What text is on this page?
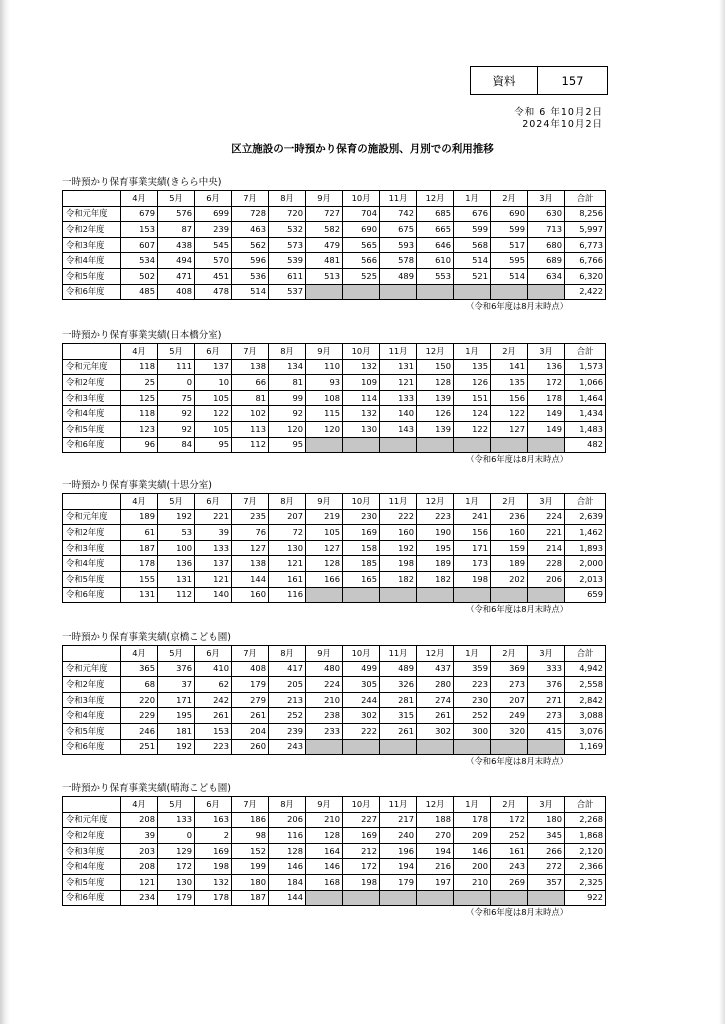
資料	157
令和 6 年10月2日
2024年10月2日
区立施設の一時預かり保育の施設別、月別での利用推移
一時預かり保育事業実績(きらら中央)
	4月	5月	6月	7月	8月	9月	10月	11月	12月	1月	2月	3月	合計
令和元年度	679	576	699	728	720	727	704	742	685	676	690	630	8,256
令和2年度	153	87	239	463	532	582	690	675	665	599	599	713	5,997
令和3年度	607	438	545	562	573	479	565	593	646	568	517	680	6,773
令和4年度	534	494	570	596	539	481	566	578	610	514	595	689	6,766
令和5年度	502	471	451	536	611	513	525	489	553	521	514	634	6,320
令和6年度	485	408	478	514	537								2,422
（令和6年度は8月末時点）
一時預かり保育事業実績(日本橋分室)
	4月	5月	6月	7月	8月	9月	10月	11月	12月	1月	2月	3月	合計
令和元年度	118	111	137	138	134	110	132	131	150	135	141	136	1,573
令和2年度	25	0	10	66	81	93	109	121	128	126	135	172	1,066
令和3年度	125	75	105	81	99	108	114	133	139	151	156	178	1,464
令和4年度	118	92	122	102	92	115	132	140	126	124	122	149	1,434
令和5年度	123	92	105	113	120	120	130	143	139	122	127	149	1,483
令和6年度	96	84	95	112	95								482
（令和6年度は8月末時点）
一時預かり保育事業実績(十思分室)
	4月	5月	6月	7月	8月	9月	10月	11月	12月	1月	2月	3月	合計
令和元年度	189	192	221	235	207	219	230	222	223	241	236	224	2,639
令和2年度	61	53	39	76	72	105	169	160	190	156	160	221	1,462
令和3年度	187	100	133	127	130	127	158	192	195	171	159	214	1,893
令和4年度	178	136	137	138	121	128	185	198	189	173	189	228	2,000
令和5年度	155	131	121	144	161	166	165	182	182	198	202	206	2,013
令和6年度	131	112	140	160	116								659
（令和6年度は8月末時点）
一時預かり保育事業実績(京橋こども園)
	4月	5月	6月	7月	8月	9月	10月	11月	12月	1月	2月	3月	合計
令和元年度	365	376	410	408	417	480	499	489	437	359	369	333	4,942
令和2年度	68	37	62	179	205	224	305	326	280	223	273	376	2,558
令和3年度	220	171	242	279	213	210	244	281	274	230	207	271	2,842
令和4年度	229	195	261	261	252	238	302	315	261	252	249	273	3,088
令和5年度	246	181	153	204	239	233	222	261	302	300	320	415	3,076
令和6年度	251	192	223	260	243								1,169
（令和6年度は8月末時点）
一時預かり保育事業実績(晴海こども園)
	4月	5月	6月	7月	8月	9月	10月	11月	12月	1月	2月	3月	合計
令和元年度	208	133	163	186	206	210	227	217	188	178	172	180	2,268
令和2年度	39	0	2	98	116	128	169	240	270	209	252	345	1,868
令和3年度	203	129	169	152	128	164	212	196	194	146	161	266	2,120
令和4年度	208	172	198	199	146	146	172	194	216	200	243	272	2,366
令和5年度	121	130	132	180	184	168	198	179	197	210	269	357	2,325
令和6年度	234	179	178	187	144								922
（令和6年度は8月末時点）
